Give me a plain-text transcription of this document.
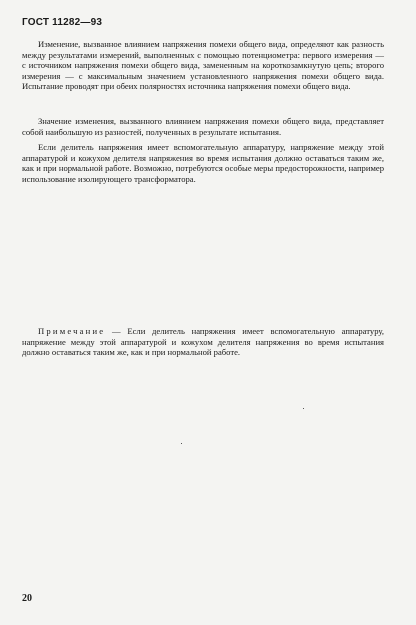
ГОСТ 11282—93

Изменение, вызванное влиянием напряжения помехи общего вида, определяют как разность между результатами измерений, выполненных с помощью потенциометра: первого измерения — с источником напряжения помехи общего вида, замененным на короткозамкнутую цепь; второго измерения — с максимальным значением установленного напряжения помехи общего вида. Испытание проводят при обеих полярностях источника напряжения помехи общего вида.

Значение изменения, вызванного влиянием напряжения помехи общего вида, представляет собой наибольшую из разностей, полученных в результате испытания.

Если делитель напряжения имеет вспомогательную аппаратуру, напряжение между этой аппаратурой и кожухом делителя напряжения во время испытания должно оставаться таким же, как и при нормальной работе. Возможно, потребуются особые меры предосторожности, например использование изолирующего трансформатора.

Примечание — Если делитель напряжения имеет вспомогательную аппаратуру, напряжение между этой аппаратурой и кожухом делителя напряжения во время испытания должно оставаться таким же, как и при нормальной работе.

20
